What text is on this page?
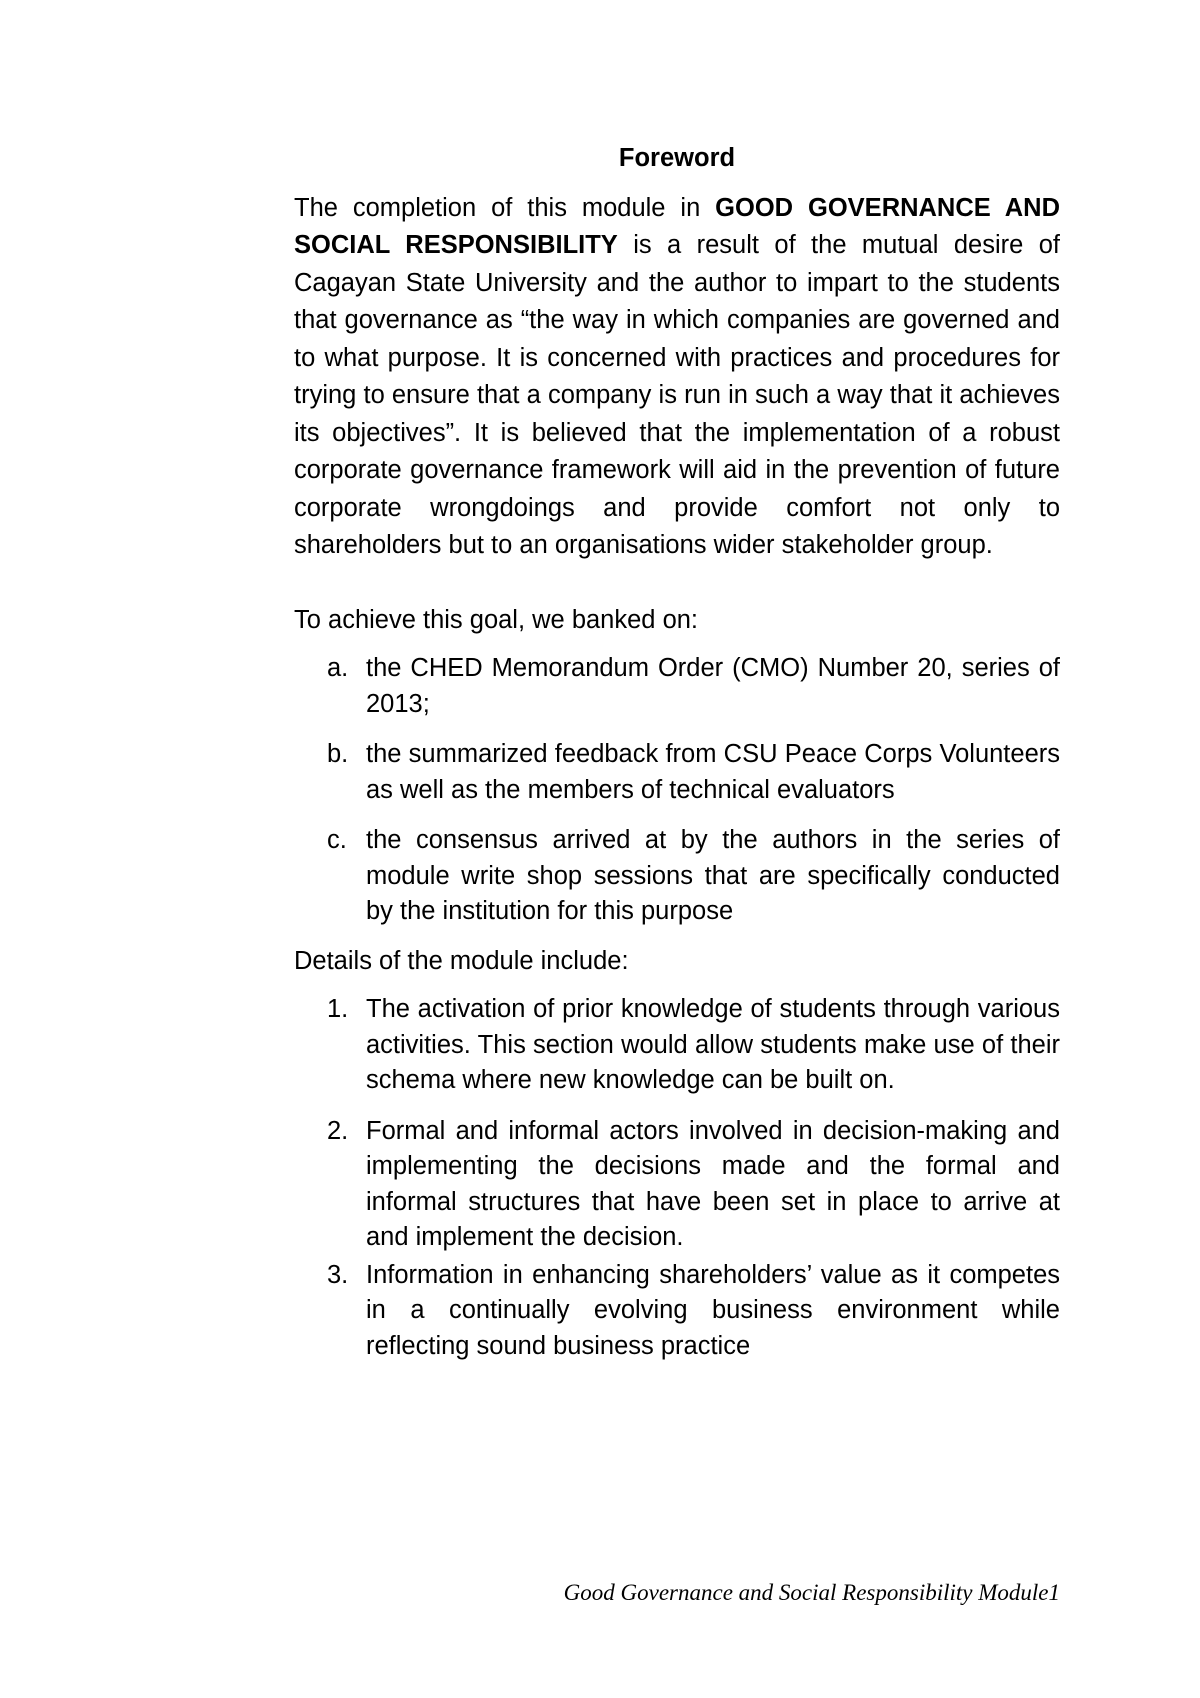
Foreword

The completion of this module in GOOD GOVERNANCE AND SOCIAL RESPONSIBILITY is a result of the mutual desire of Cagayan State University and the author to impart to the students that governance as “the way in which companies are governed and to what purpose. It is concerned with practices and procedures for trying to ensure that a company is run in such a way that it achieves its objectives”. It is believed that the implementation of a robust corporate governance framework will aid in the prevention of future corporate wrongdoings and provide comfort not only to shareholders but to an organisations wider stakeholder group.

To achieve this goal, we banked on:

a. the CHED Memorandum Order (CMO) Number 20, series of 2013;
b. the summarized feedback from CSU Peace Corps Volunteers as well as the members of technical evaluators
c. the consensus arrived at by the authors in the series of module write shop sessions that are specifically conducted by the institution for this purpose

Details of the module include:

1. The activation of prior knowledge of students through various activities. This section would allow students make use of their schema where new knowledge can be built on.
2. Formal and informal actors involved in decision-making and implementing the decisions made and the formal and informal structures that have been set in place to arrive at and implement the decision.
3. Information in enhancing shareholders’ value as it competes in a continually evolving business environment while reflecting sound business practice
Good Governance and Social Responsibility Module1
